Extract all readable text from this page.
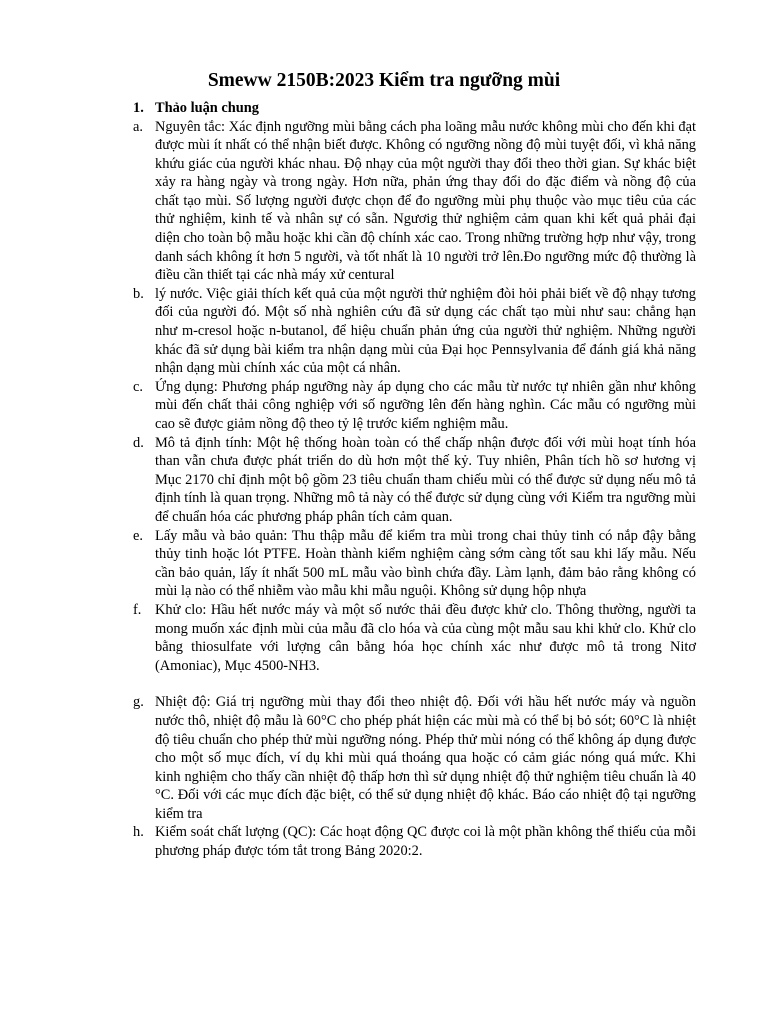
Smeww 2150B:2023 Kiểm tra ngưỡng mùi
1. Thảo luận chung
a. Nguyên tắc: Xác định ngưỡng mùi bằng cách pha loãng mẫu nước không mùi cho đến khi đạt được mùi ít nhất có thể nhận biết được. Không có ngưỡng nồng độ mùi tuyệt đối, vì khả năng khứu giác của người khác nhau. Độ nhạy của một người thay đổi theo thời gian. Sự khác biệt xảy ra hàng ngày và trong ngày. Hơn nữa, phản ứng thay đổi do đặc điểm và nồng độ của chất tạo mùi. Số lượng người được chọn để đo ngưỡng mùi phụ thuộc vào mục tiêu của các thử nghiệm, kinh tế và nhân sự có sẵn. Ngươig thử nghiệm cảm quan khi kết quả phải đại diện cho toàn bộ mẫu hoặc khi cần độ chính xác cao. Trong những trường hợp như vậy, trong danh sách không ít hơn 5 người, và tốt nhất là 10 người trở lên.Đo ngưỡng mức độ thường là điều cần thiết tại các nhà máy xử centural
b. lý nước. Việc giải thích kết quả của một người thử nghiệm đòi hỏi phải biết về độ nhạy tương đối của người đó. Một số nhà nghiên cứu đã sử dụng các chất tạo mùi như sau: chẳng hạn như m-cresol hoặc n-butanol, để hiệu chuẩn phản ứng của người thử nghiệm. Những người khác đã sử dụng bài kiểm tra nhận dạng mùi của Đại học Pennsylvania để đánh giá khả năng nhận dạng mùi chính xác của một cá nhân.
c. Ứng dụng: Phương pháp ngưỡng này áp dụng cho các mẫu từ nước tự nhiên gần như không mùi đến chất thải công nghiệp với số ngưỡng lên đến hàng nghìn. Các mẫu có ngưỡng mùi cao sẽ được giảm nồng độ theo tỷ lệ trước kiểm nghiệm mẫu.
d. Mô tả định tính: Một hệ thống hoàn toàn có thể chấp nhận được đối với mùi hoạt tính hóa than vẫn chưa được phát triển do dù hơn một thế kỷ. Tuy nhiên, Phân tích hồ sơ hương vị Mục 2170 chỉ định một bộ gồm 23 tiêu chuẩn tham chiếu mùi có thể được sử dụng nếu mô tả định tính là quan trọng. Những mô tả này có thể được sử dụng cùng với Kiểm tra ngưỡng mùi để chuẩn hóa các phương pháp phân tích cảm quan.
e. Lấy mẫu và bảo quản: Thu thập mẫu để kiểm tra mùi trong chai thủy tinh có nắp đậy bằng thủy tinh hoặc lót PTFE. Hoàn thành kiểm nghiệm càng sớm càng tốt sau khi lấy mẫu. Nếu cần bảo quản, lấy ít nhất 500 mL mẫu vào bình chứa đầy. Làm lạnh, đảm bảo rằng không có mùi lạ nào có thể nhiễm vào mẫu khi mẫu nguội. Không sử dụng hộp nhựa
f. Khử clo: Hầu hết nước máy và một số nước thải đều được khử clo. Thông thường, người ta mong muốn xác định mùi của mẫu đã clo hóa và của cùng một mẫu sau khi khử clo. Khử clo bằng thiosulfate với lượng cân bằng hóa học chính xác như được mô tả trong Nitơ (Amoniac), Mục 4500-NH3.
g. Nhiệt độ: Giá trị ngưỡng mùi thay đổi theo nhiệt độ. Đối với hầu hết nước máy và nguồn nước thô, nhiệt độ mẫu là 60°C cho phép phát hiện các mùi mà có thể bị bỏ sót; 60°C là nhiệt độ tiêu chuẩn cho phép thử mùi ngưỡng nóng. Phép thử mùi nóng có thể không áp dụng được cho một số mục đích, ví dụ khi mùi quá thoáng qua hoặc có cảm giác nóng quá mức. Khi kinh nghiệm cho thấy cần nhiệt độ thấp hơn thì sử dụng nhiệt độ thử nghiệm tiêu chuẩn là 40 °C. Đối với các mục đích đặc biệt, có thể sử dụng nhiệt độ khác. Báo cáo nhiệt độ tại ngưỡng kiểm tra
h. Kiểm soát chất lượng (QC): Các hoạt động QC được coi là một phần không thể thiếu của mỗi phương pháp được tóm tắt trong Bảng 2020:2.
